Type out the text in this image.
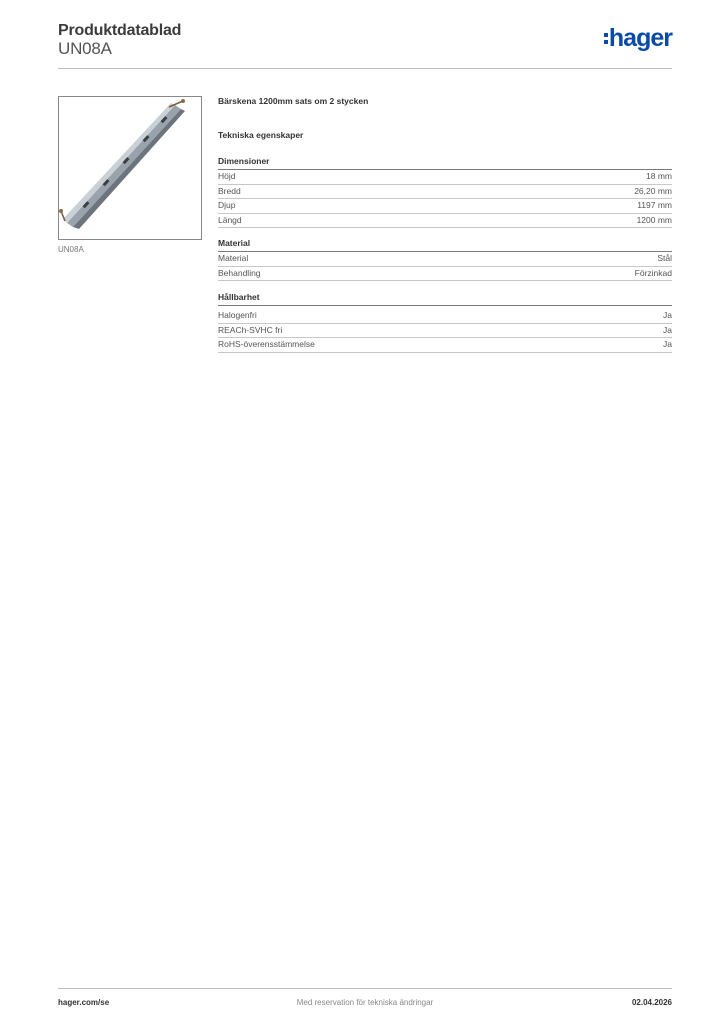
Produktdatablad
UN08A	hager
UN08A
Bärskena 1200mm sats om 2 stycken
Tekniska egenskaper
Dimensioner
Höjd	18 mm
Bredd	26,20 mm
Djup	1197 mm
Längd	1200 mm
Material
Material	Stål
Behandling	Förzinkad
Hållbarhet
Halogenfri	Ja
REACh-SVHC fri	Ja
RoHS-överensstämmelse	Ja
hager.com/se	Med reservation för tekniska ändringar	02.04.2026
